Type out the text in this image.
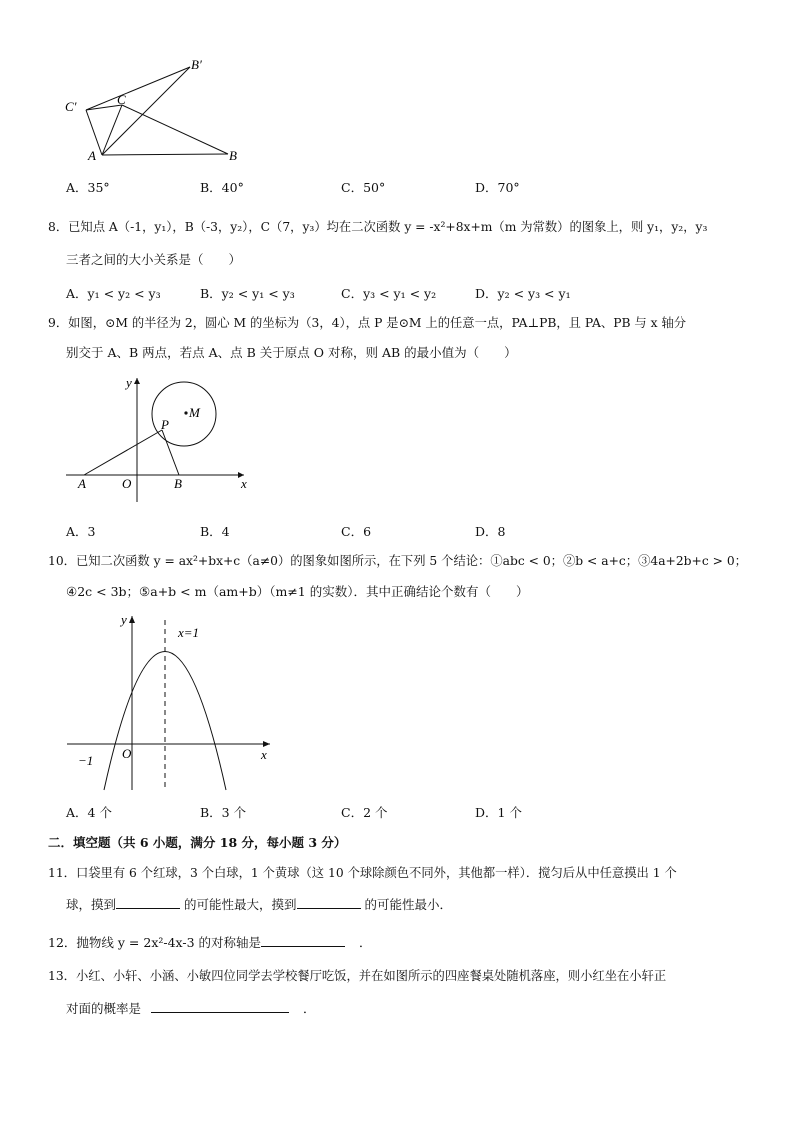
B′
C′	C
A	B
A．35°	B．40°	C．50°	D．70°
8．已知点 A（-1，y₁），B（-3，y₂），C（7，y₃）均在二次函数 y = -x²+8x+m（m 为常数）的图象上，则 y₁，y₂，y₃
三者之间的大小关系是（　　）
A．y₁ < y₂ < y₃	B．y₂ < y₁ < y₃	C．y₃ < y₁ < y₂	D．y₂ < y₃ < y₁
9．如图，⊙M 的半径为 2，圆心 M 的坐标为（3，4），点 P 是⊙M 上的任意一点，PA⊥PB，且 PA、PB 与 x 轴分
别交于 A、B 两点，若点 A、点 B 关于原点 O 对称，则 AB 的最小值为（　　）
y
M
P
A	O	B	x
A．3	B．4	C．6	D．8
10．已知二次函数 y = ax²+bx+c（a≠0）的图象如图所示，在下列 5 个结论：①abc < 0；②b < a+c；③4a+2b+c > 0；
④2c < 3b；⑤a+b < m（am+b）（m≠1 的实数）．其中正确结论个数有（　　）
y
x=1
O	x
−1
A．4 个	B．3 个	C．2 个	D．1 个
二．填空题（共 6 小题，满分 18 分，每小题 3 分）
11．口袋里有 6 个红球，3 个白球，1 个黄球（这 10 个球除颜色不同外，其他都一样）．搅匀后从中任意摸出 1 个
球，摸到	的可能性最大，摸到	的可能性最小．
12．抛物线 y = 2x²-4x-3 的对称轴是	．
13．小红、小轩、小涵、小敏四位同学去学校餐厅吃饭，并在如图所示的四座餐桌处随机落座，则小红坐在小轩正
对面的概率是	．
